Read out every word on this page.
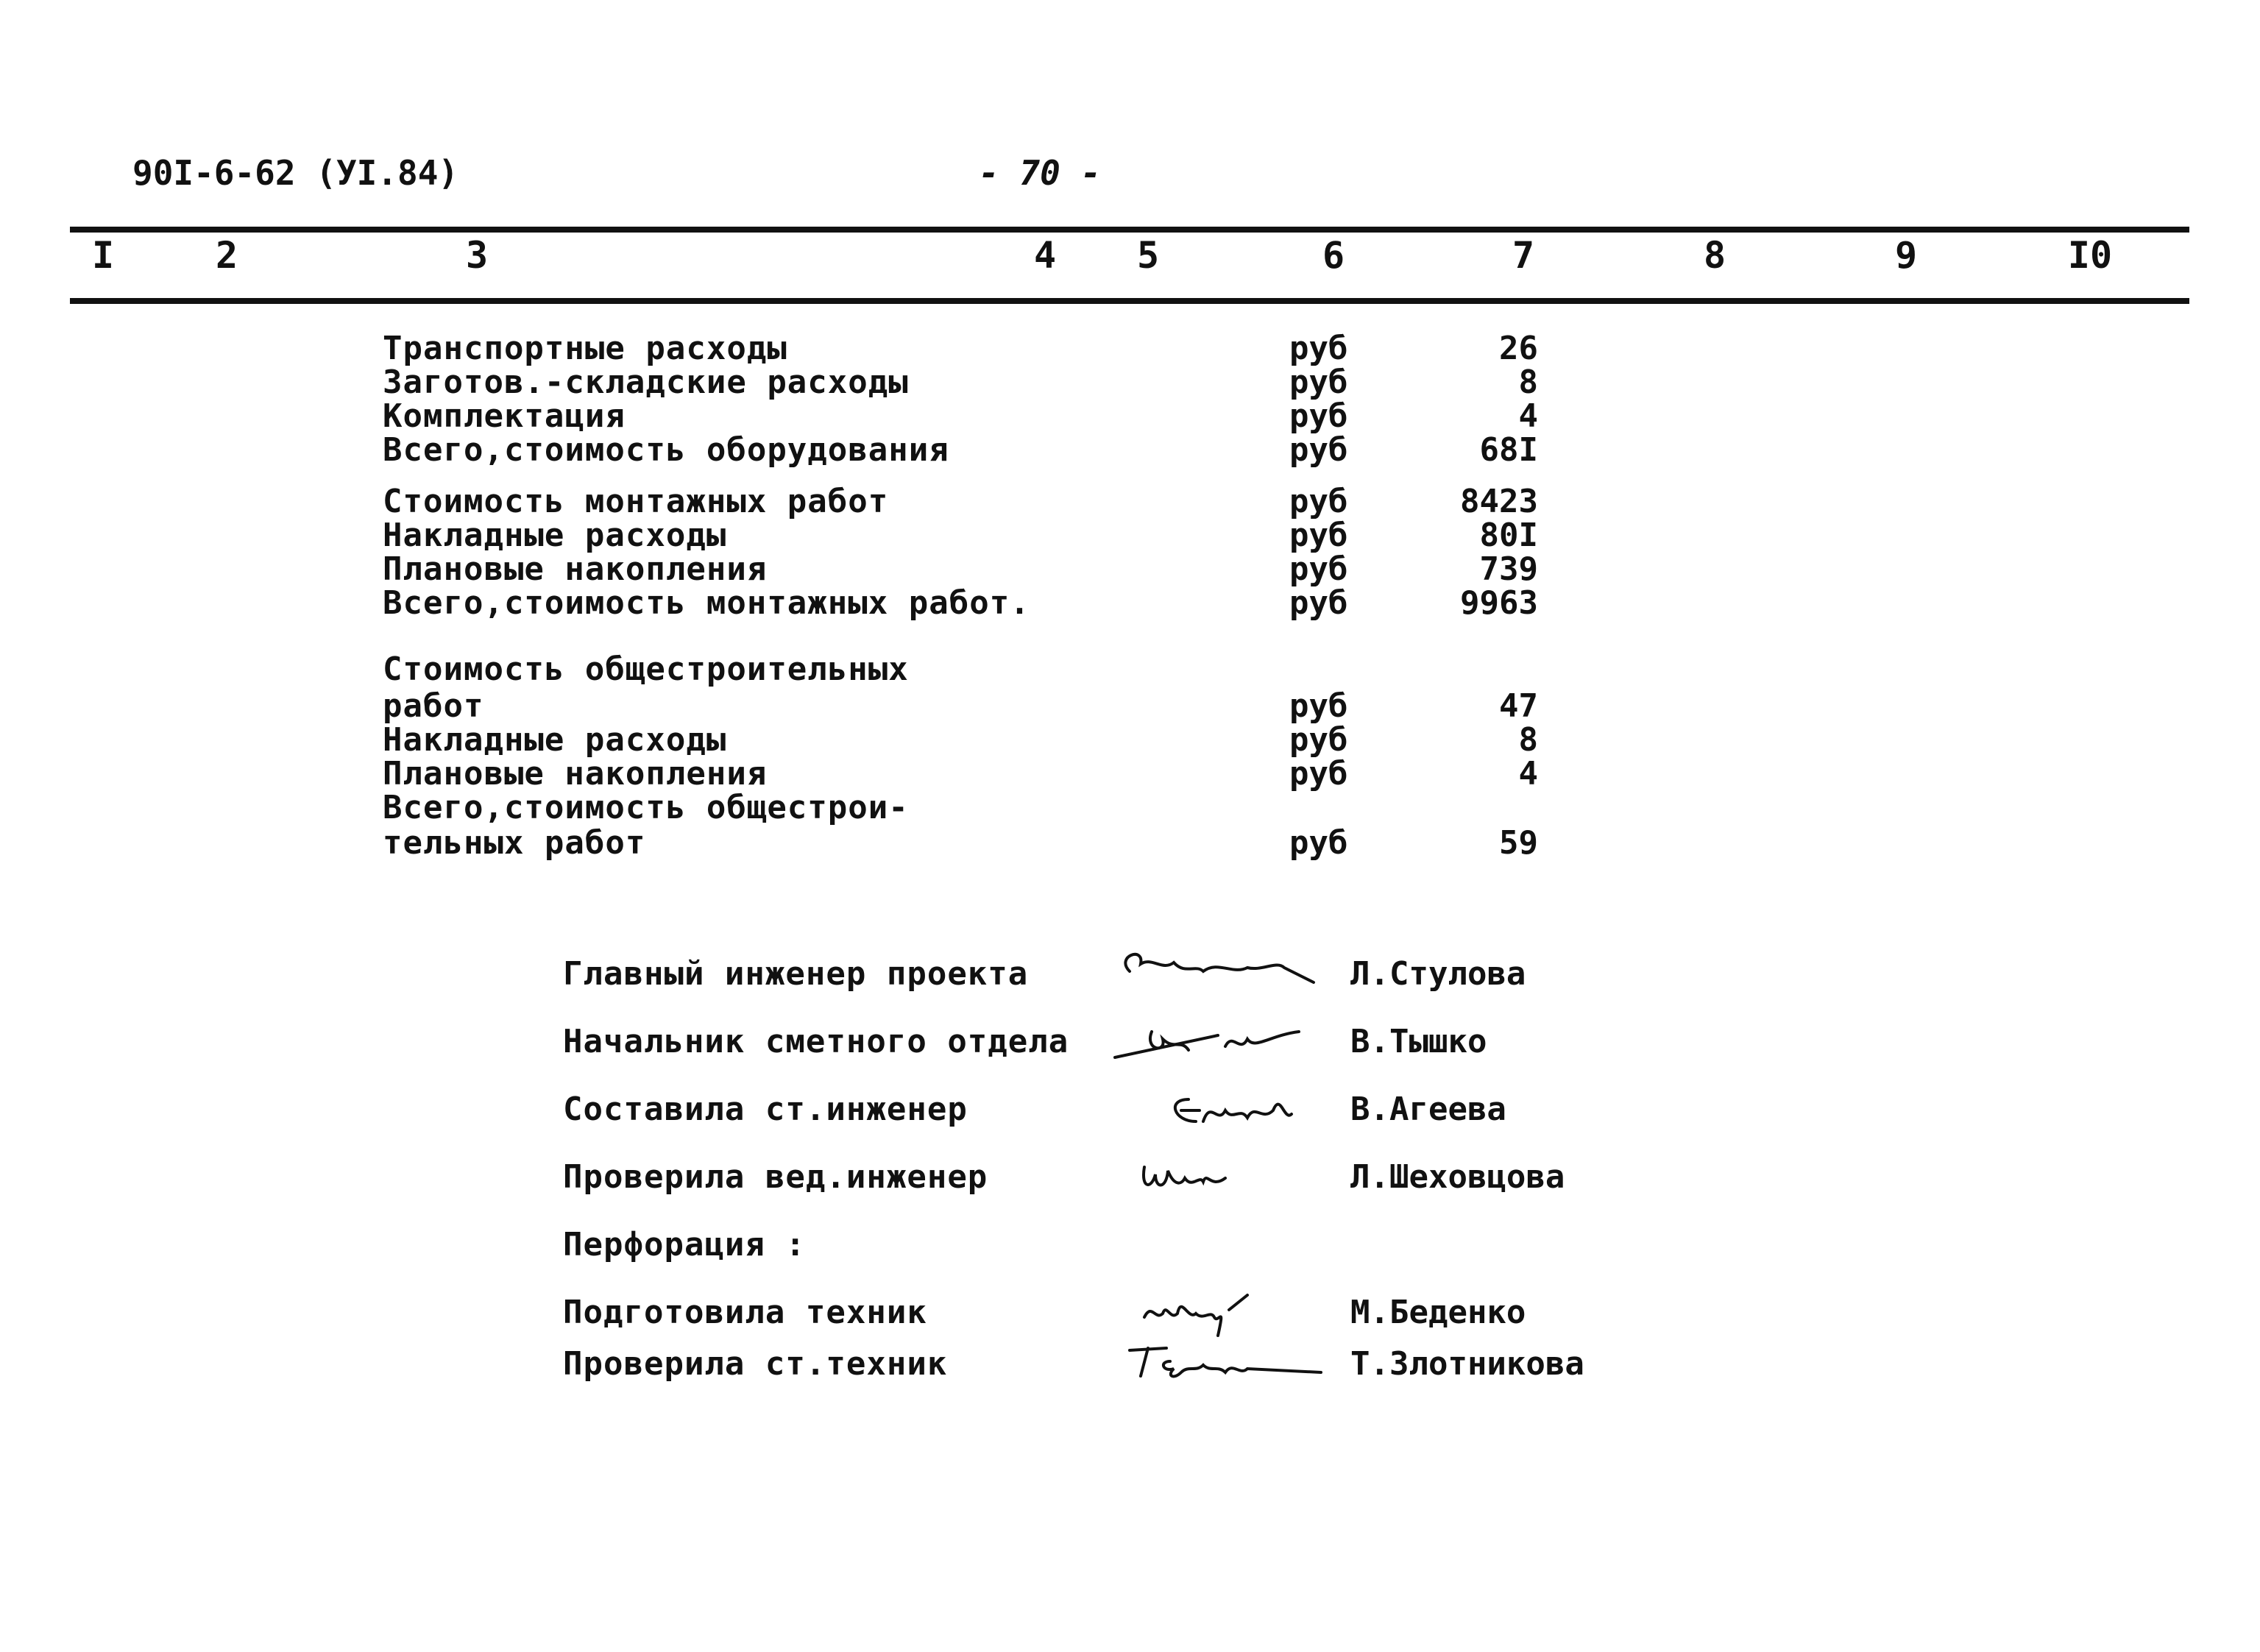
90I-6-62 (УI.84)	- 70 -
I	2	3	4 5	6	7	8	9	I0
Транспортные расходы	руб	26
Заготов.-складские расходы	руб	8
Комплектация	руб	4
Всего,стоимость оборудования	руб	68I
Стоимость монтажных работ	руб	8423
Накладные расходы	руб	80I
Плановые накопления	руб	739
Всего,стоимость монтажных работ.	руб	9963
Стоимость общестроительных
работ	руб	47
Накладные расходы	руб	8
Плановые накопления	руб	4
Всего,стоимость общестрои-
тельных работ	руб	59
Главный инженер проекта	Л.Стулова
Начальник сметного отдела	В.Тышко
Составила ст.инженер	В.Агеева
Проверила вед.инженер	Л.Шеховцова
Перфорация :
Подготовила техник	М.Беденко
Проверила ст.техник	Т.Злотникова
